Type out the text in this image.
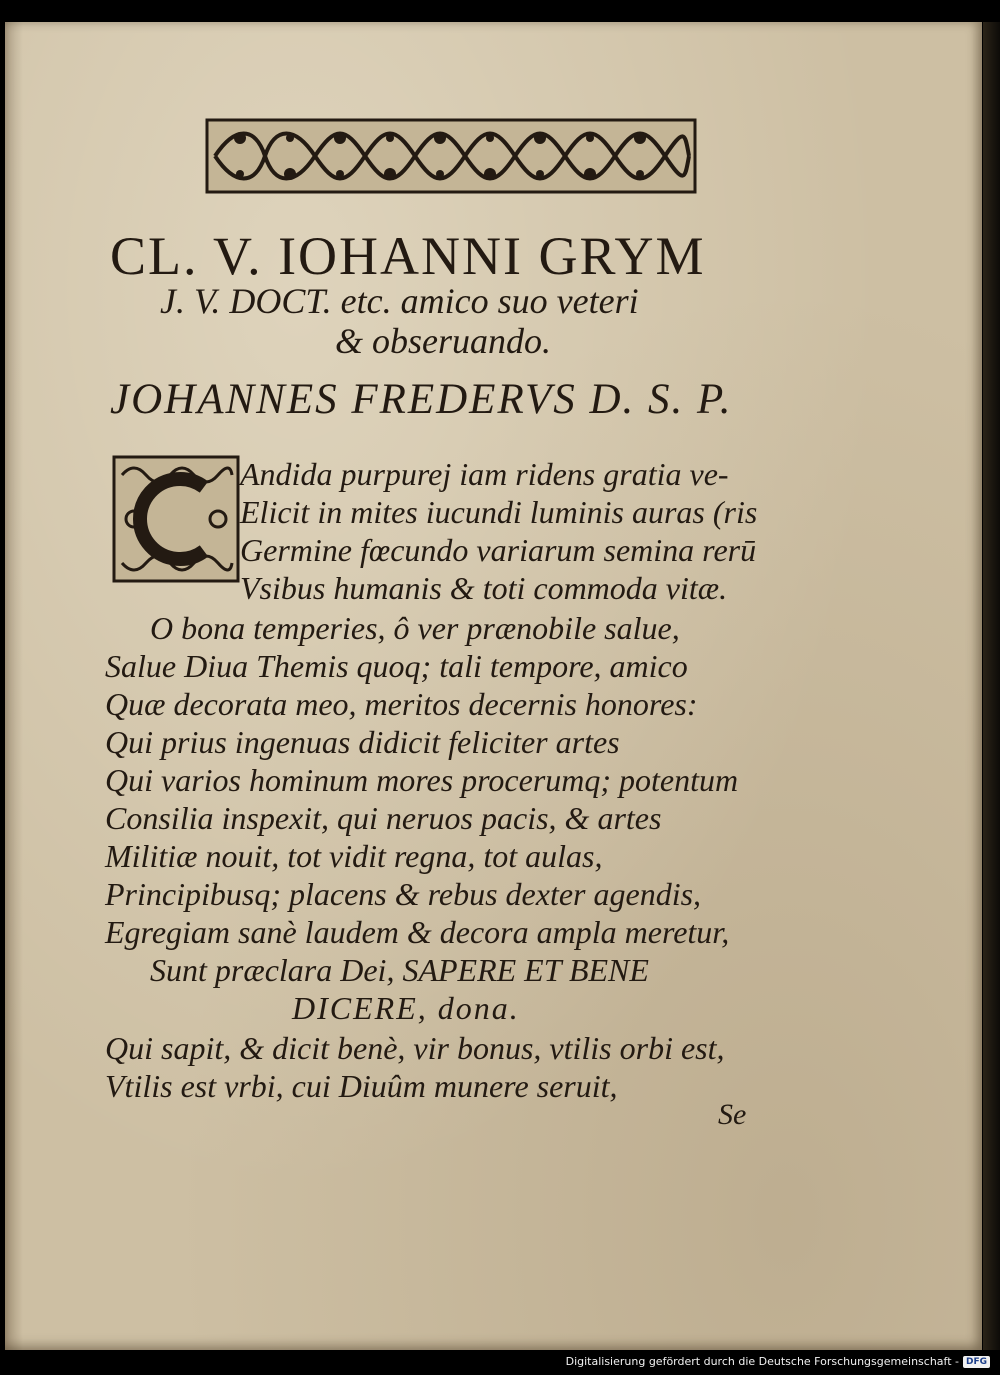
CL. V. IOHANNI GRYM
J. V. DOCT. etc. amico suo veteri
& obseruando.
JOHANNES FREDERVS D. S. P.
Andida purpurej iam ridens gratia ve-
Elicit in mites iucundi luminis auras (ris
Germine fœcundo variarum semina rerū
Vsibus humanis & toti commoda vitæ.
O bona temperies, ô ver prænobile salue,
Salue Diua Themis quoq; tali tempore, amico
Quæ decorata meo, meritos decernis honores:
Qui prius ingenuas didicit feliciter artes
Qui varios hominum mores procerumq; potentum
Consilia inspexit, qui neruos pacis, & artes
Militiæ nouit, tot vidit regna, tot aulas,
Principibusq; placens & rebus dexter agendis,
Egregiam sanè laudem & decora ampla meretur,
Sunt præclara Dei, SAPERE ET BENE
DICERE, dona.
Qui sapit, & dicit benè, vir bonus, vtilis orbi est,
Vtilis est vrbi, cui Diuûm munere seruit,
Se
Digitalisierung gefördert durch die Deutsche Forschungsgemeinschaft - DFG
